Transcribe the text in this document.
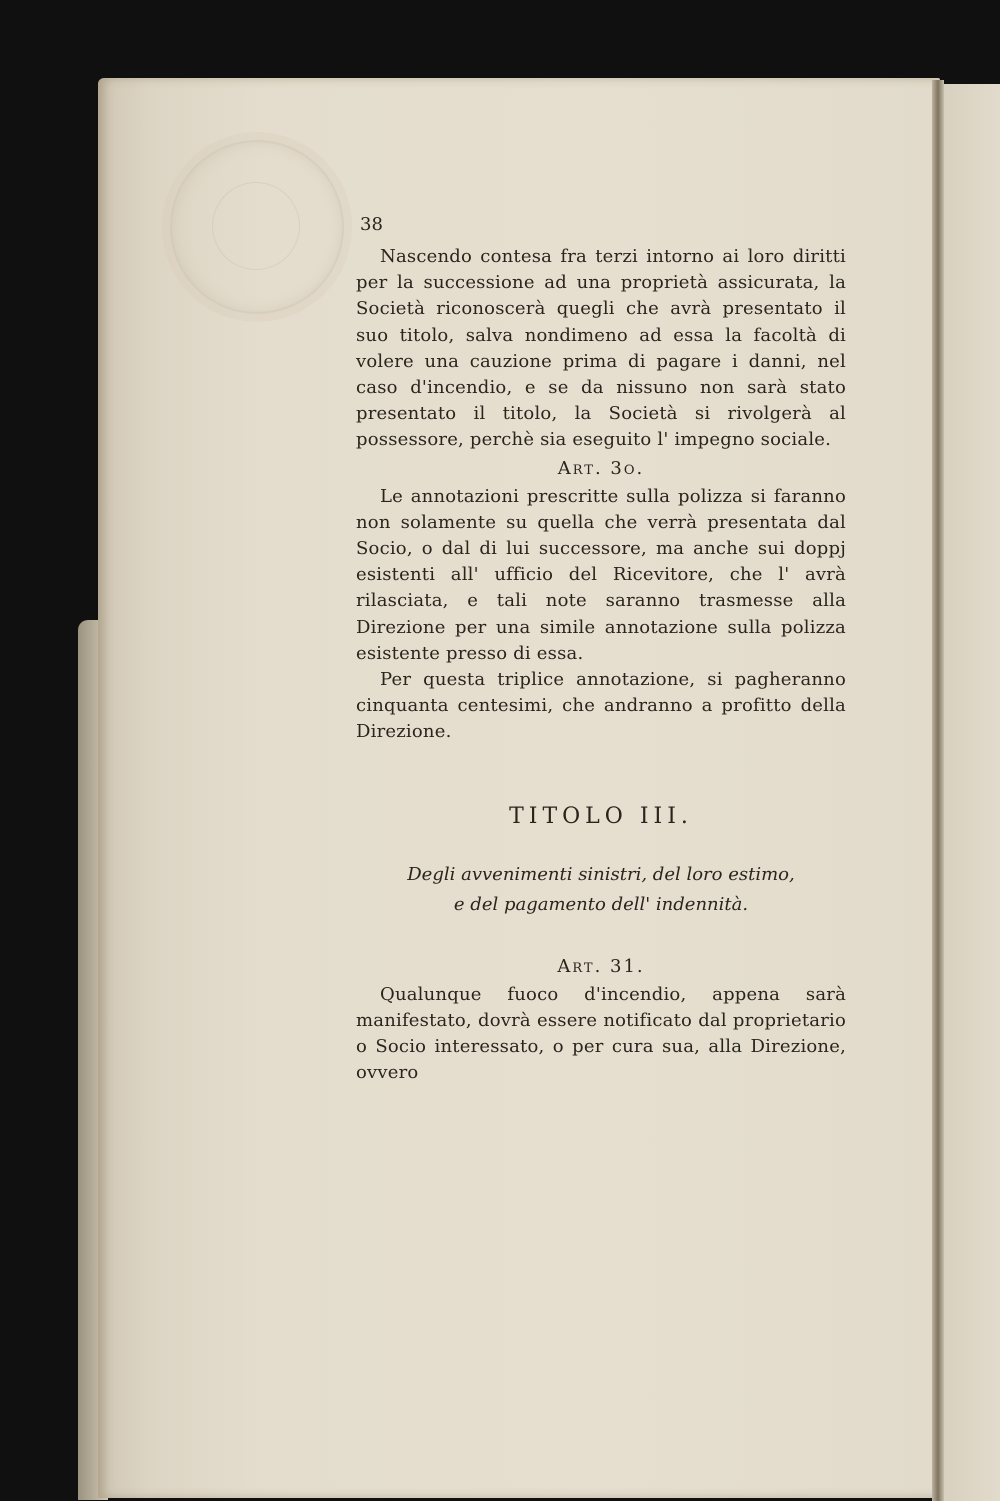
38

Nascendo contesa fra terzi intorno ai loro diritti per la successione ad una proprietà assicurata, la Società riconoscerà quegli che avrà presentato il suo titolo, salva nondimeno ad essa la facoltà di volere una cauzione prima di pagare i danni, nel caso d'incendio, e se da nissuno non sarà stato presentato il titolo, la Società si rivolgerà al possessore, perchè sia eseguito l' impegno sociale.

Art. 3o.

Le annotazioni prescritte sulla polizza si faranno non solamente su quella che verrà presentata dal Socio, o dal di lui successore, ma anche sui doppj esistenti all' ufficio del Ricevitore, che l' avrà rilasciata, e tali note saranno trasmesse alla Direzione per una simile annotazione sulla polizza esistente presso di essa.

Per questa triplice annotazione, si pagheranno cinquanta centesimi, che andranno a profitto della Direzione.

TITOLO III.

Degli avvenimenti sinistri, del loro estimo,

e del pagamento dell' indennità.

Art. 31.

Qualunque fuoco d'incendio, appena sarà manifestato, dovrà essere notificato dal proprietario o Socio interessato, o per cura sua, alla Direzione, ovvero
